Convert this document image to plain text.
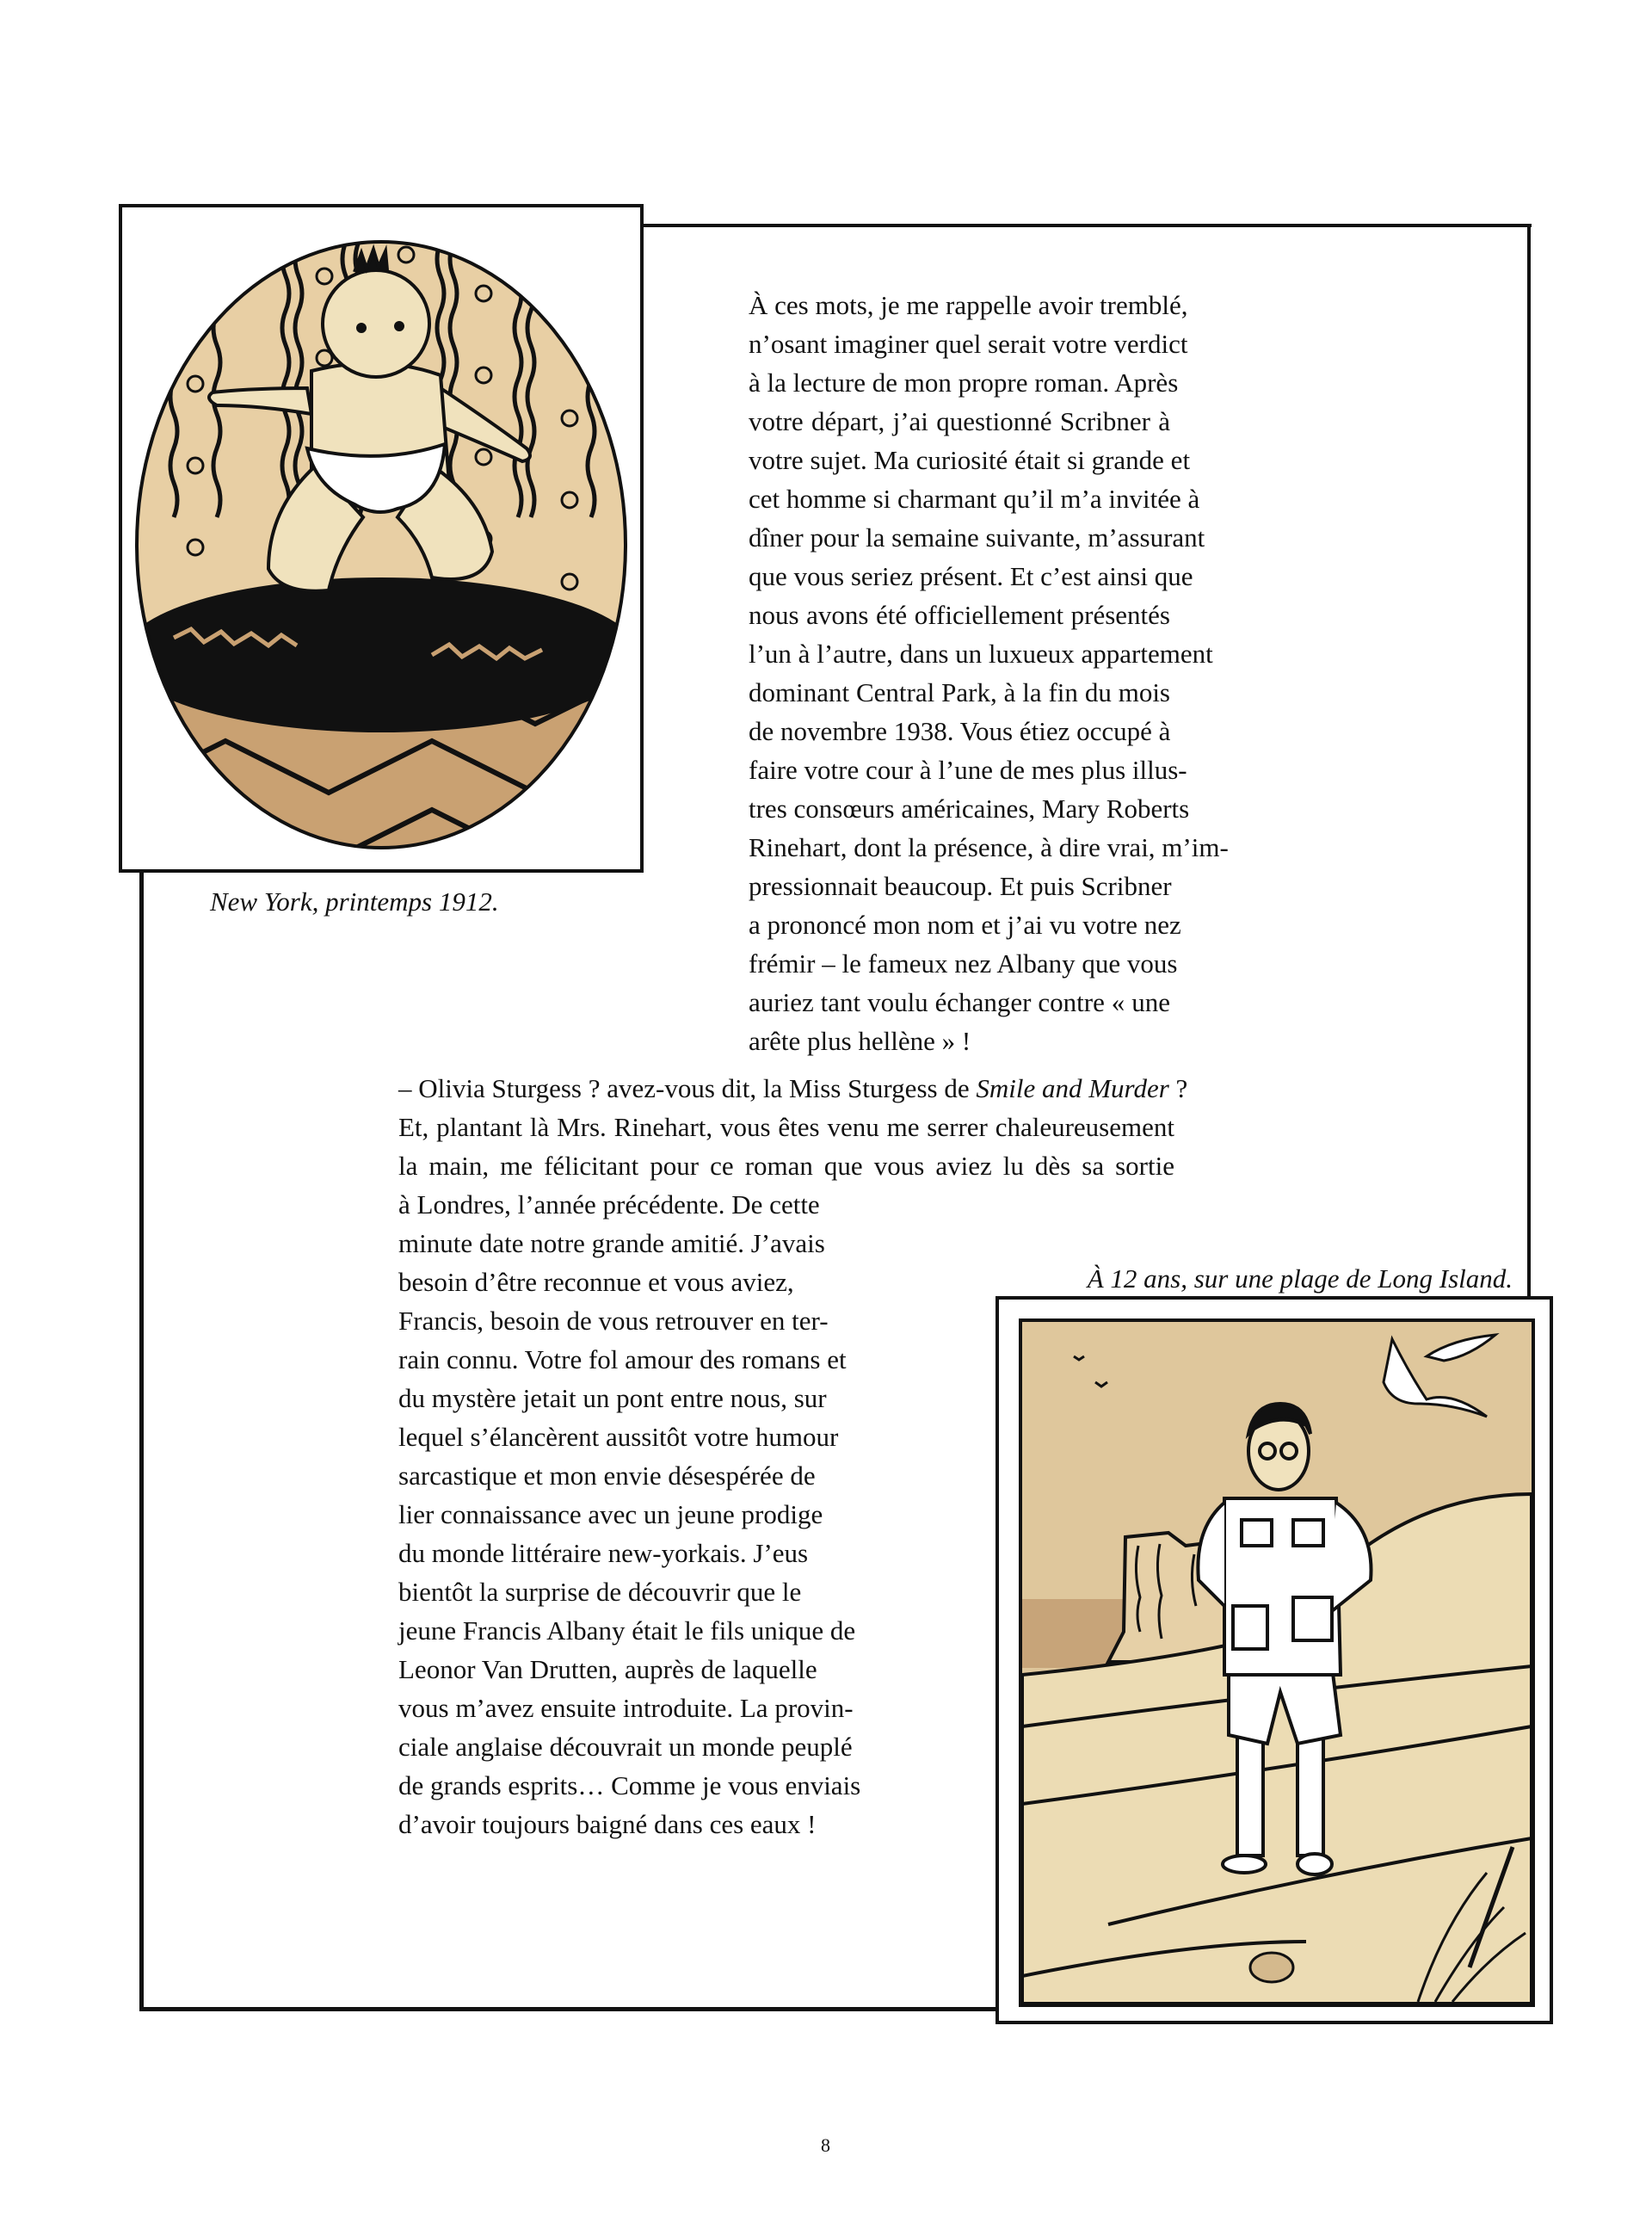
New York, printemps 1912.
À ces mots, je me rappelle avoir tremblé,
n’osant imaginer quel serait votre verdict
à la lecture de mon propre roman. Après
votre départ, j’ai questionné Scribner à
votre sujet. Ma curiosité était si grande et
cet homme si charmant qu’il m’a invitée à
dîner pour la semaine suivante, m’assurant
que vous seriez présent. Et c’est ainsi que
nous avons été officiellement présentés
l’un à l’autre, dans un luxueux appartement
dominant Central Park, à la fin du mois
de novembre 1938. Vous étiez occupé à
faire votre cour à l’une de mes plus illus-
tres consœurs américaines, Mary Roberts
Rinehart, dont la présence, à dire vrai, m’im-
pressionnait beaucoup. Et puis Scribner
a prononcé mon nom et j’ai vu votre nez
frémir – le fameux nez Albany que vous
auriez tant voulu échanger contre « une
arête plus hellène » !
– Olivia Sturgess ? avez-vous dit, la Miss Sturgess de Smile and Murder ?
Et, plantant là Mrs. Rinehart, vous êtes venu me serrer chaleureusement
la main, me félicitant pour ce roman que vous aviez lu dès sa sortie
à Londres, l’année précédente. De cette
minute date notre grande amitié. J’avais
besoin d’être reconnue et vous aviez,
Francis, besoin de vous retrouver en ter-
rain connu. Votre fol amour des romans et
du mystère jetait un pont entre nous, sur
lequel s’élancèrent aussitôt votre humour
sarcastique et mon envie désespérée de
lier connaissance avec un jeune prodige
du monde littéraire new-yorkais. J’eus
bientôt la surprise de découvrir que le
jeune Francis Albany était le fils unique de
Leonor Van Drutten, auprès de laquelle
vous m’avez ensuite introduite. La provin-
ciale anglaise découvrait un monde peuplé
de grands esprits… Comme je vous enviais
d’avoir toujours baigné dans ces eaux !
À 12 ans, sur une plage de Long Island.
8
